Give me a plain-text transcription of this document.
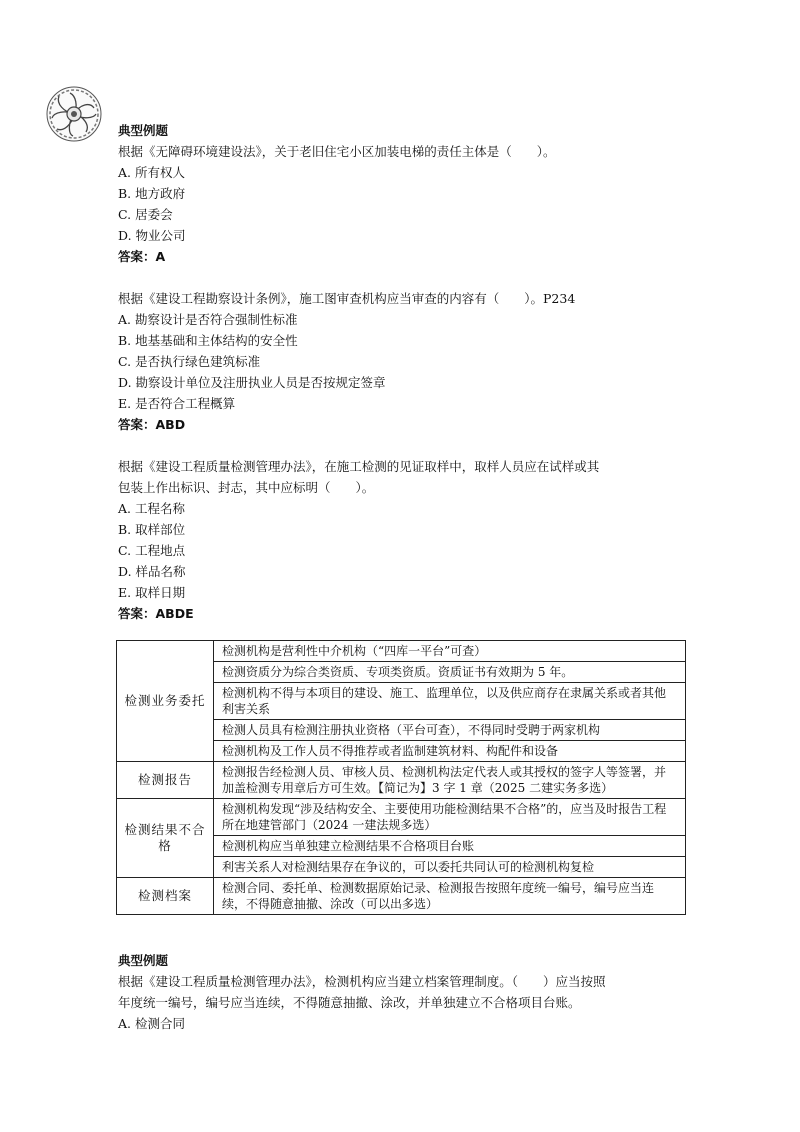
典型例题
根据《无障碍环境建设法》，关于老旧住宅小区加装电梯的责任主体是（　　）。
A. 所有权人
B. 地方政府
C. 居委会
D. 物业公司
答案：A
根据《建设工程勘察设计条例》，施工图审查机构应当审查的内容有（　　）。P234
A. 勘察设计是否符合强制性标准
B. 地基基础和主体结构的安全性
C. 是否执行绿色建筑标准
D. 勘察设计单位及注册执业人员是否按规定签章
E. 是否符合工程概算
答案：ABD
根据《建设工程质量检测管理办法》，在施工检测的见证取样中，取样人员应在试样或其
包装上作出标识、封志，其中应标明（　　）。
A. 工程名称
B. 取样部位
C. 工程地点
D. 样品名称
E. 取样日期
答案：ABDE
检测业务委托	检测机构是营利性中介机构（“四库一平台”可查）
	检测资质分为综合类资质、专项类资质。资质证书有效期为 5 年。
	检测机构不得与本项目的建设、施工、监理单位，以及供应商存在隶属关系或者其他利害关系
	检测人员具有检测注册执业资格（平台可查），不得同时受聘于两家机构
	检测机构及工作人员不得推荐或者监制建筑材料、构配件和设备
检测报告	检测报告经检测人员、审核人员、检测机构法定代表人或其授权的签字人等签署，并加盖检测专用章后方可生效。【简记为】3 字 1 章（2025 二建实务多选）
检测结果不合格	检测机构发现“涉及结构安全、主要使用功能检测结果不合格”的，应当及时报告工程所在地建管部门（2024 一建法规多选）
	检测机构应当单独建立检测结果不合格项目台账
	利害关系人对检测结果存在争议的，可以委托共同认可的检测机构复检
检测档案	检测合同、委托单、检测数据原始记录、检测报告按照年度统一编号，编号应当连续，不得随意抽撤、涂改（可以出多选）
典型例题
根据《建设工程质量检测管理办法》，检测机构应当建立档案管理制度。（　　）应当按照
年度统一编号，编号应当连续，不得随意抽撤、涂改，并单独建立不合格项目台账。
A. 检测合同
